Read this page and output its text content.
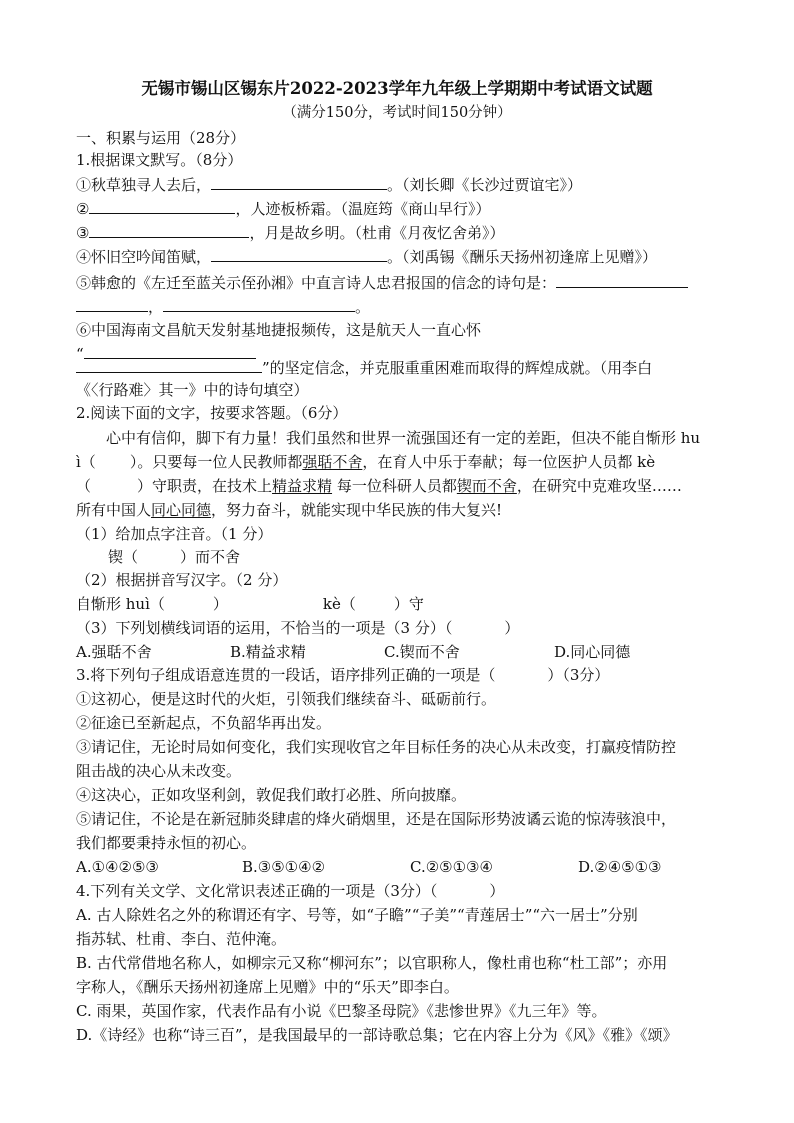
无锡市锡山区锡东片2022-2023学年九年级上学期期中考试语文试题
（满分150分，考试时间150分钟）
一、积累与运用（28分）
1.根据课文默写。（8分）
①秋草独寻人去后，	。（刘长卿《长沙过贾谊宅》）
②	，人迹板桥霜。（温庭筠《商山早行》）
③	，月是故乡明。（杜甫《月夜忆舍弟》）
④怀旧空吟闻笛赋，	。（刘禹锡《酬乐天扬州初逢席上见赠》）
⑤韩愈的《左迁至蓝关示侄孙湘》中直言诗人忠君报国的信念的诗句是：
，	。
⑥中国海南文昌航天发射基地捷报频传，这是航天人一直心怀
“
”的坚定信念，并克服重重困难而取得的辉煌成就。（用李白
《〈行路难〉其一》中的诗句填空）
2.阅读下面的文字，按要求答题。（6分）
心中有信仰，脚下有力量！我们虽然和世界一流强国还有一定的差距，但决不能自惭形 hu
ì（ ）。只要每一位人民教师都强聒不舍，在育人中乐于奉献；每一位医护人员都 kè
（	）守职责，在技术上精益求精 每一位科研人员都锲而不舍，在研究中克难攻坚……
所有中国人同心同德，努力奋斗，就能实现中华民族的伟大复兴!
（1）给加点字注音。（1 分）
锲（	）而不舍
（2）根据拼音写汉字。（2 分）
自惭形 huì（	）	kè（	）守
（3）下列划横线词语的运用，不恰当的一项是（3 分）（	）
A.强聒不舍	B.精益求精	C.锲而不舍	D.同心同德
3.将下列句子组成语意连贯的一段话，语序排列正确的一项是（	）（3分）
①这初心，便是这时代的火炬，引领我们继续奋斗、砥砺前行。
②征途已至新起点，不负韶华再出发。
③请记住，无论时局如何变化，我们实现收官之年目标任务的决心从未改变，打赢疫情防控
阻击战的决心从未改变。
④这决心，正如攻坚利剑，敦促我们敢打必胜、所向披靡。
⑤请记住，不论是在新冠肺炎肆虐的烽火硝烟里，还是在国际形势波谲云诡的惊涛骇浪中，
我们都要秉持永恒的初心。
A.①④②⑤③	B.③⑤①④②	C.②⑤①③④	D.②④⑤①③
4.下列有关文学、文化常识表述正确的一项是（3分）（	）
A. 古人除姓名之外的称谓还有字、号等，如“子瞻”“子美”“青莲居士”“六一居士”分别
指苏轼、杜甫、李白、范仲淹。
B. 古代常借地名称人，如柳宗元又称“柳河东”；以官职称人，像杜甫也称“杜工部”；亦用
字称人，《酬乐天扬州初逢席上见赠》中的“乐天”即李白。
C. 雨果，英国作家，代表作品有小说《巴黎圣母院》《悲惨世界》《九三年》等。
D.《诗经》也称“诗三百”，是我国最早的一部诗歌总集；它在内容上分为《风》《雅》《颂》
